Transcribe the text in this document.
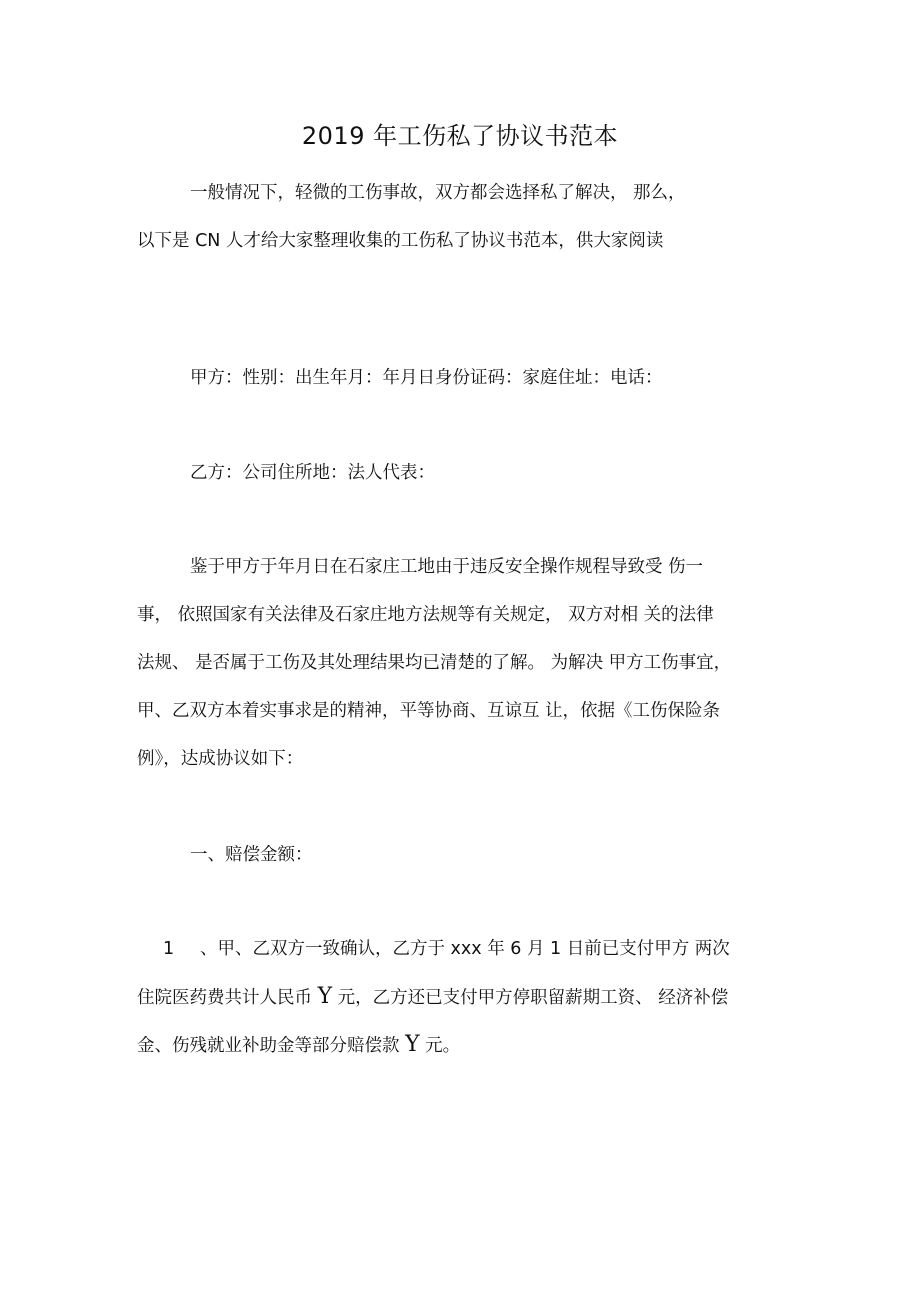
2019 年工伤私了协议书范本
一般情况下，轻微的工伤事故，双方都会选择私了解决， 那么，
以下是 CN 人才给大家整理收集的工伤私了协议书范本，供大家阅读
甲方：性别：出生年月：年月日身份证码：家庭住址：电话：
乙方：公司住所地：法人代表：
鉴于甲方于年月日在石家庄工地由于违反安全操作规程导致受 伤一
事， 依照国家有关法律及石家庄地方法规等有关规定， 双方对相 关的法律
法规、 是否属于工伤及其处理结果均已清楚的了解。 为解决 甲方工伤事宜，
甲、乙双方本着实事求是的精神，平等协商、互谅互 让，依据《工伤保险条
例》，达成协议如下：
一、赔偿金额：
1 、甲、乙双方一致确认，乙方于 xxx 年 6 月 1 日前已支付甲方 两次
住院医药费共计人民币 Y 元，乙方还已支付甲方停职留薪期工资、 经济补偿
金、伤残就业补助金等部分赔偿款 Y 元。
